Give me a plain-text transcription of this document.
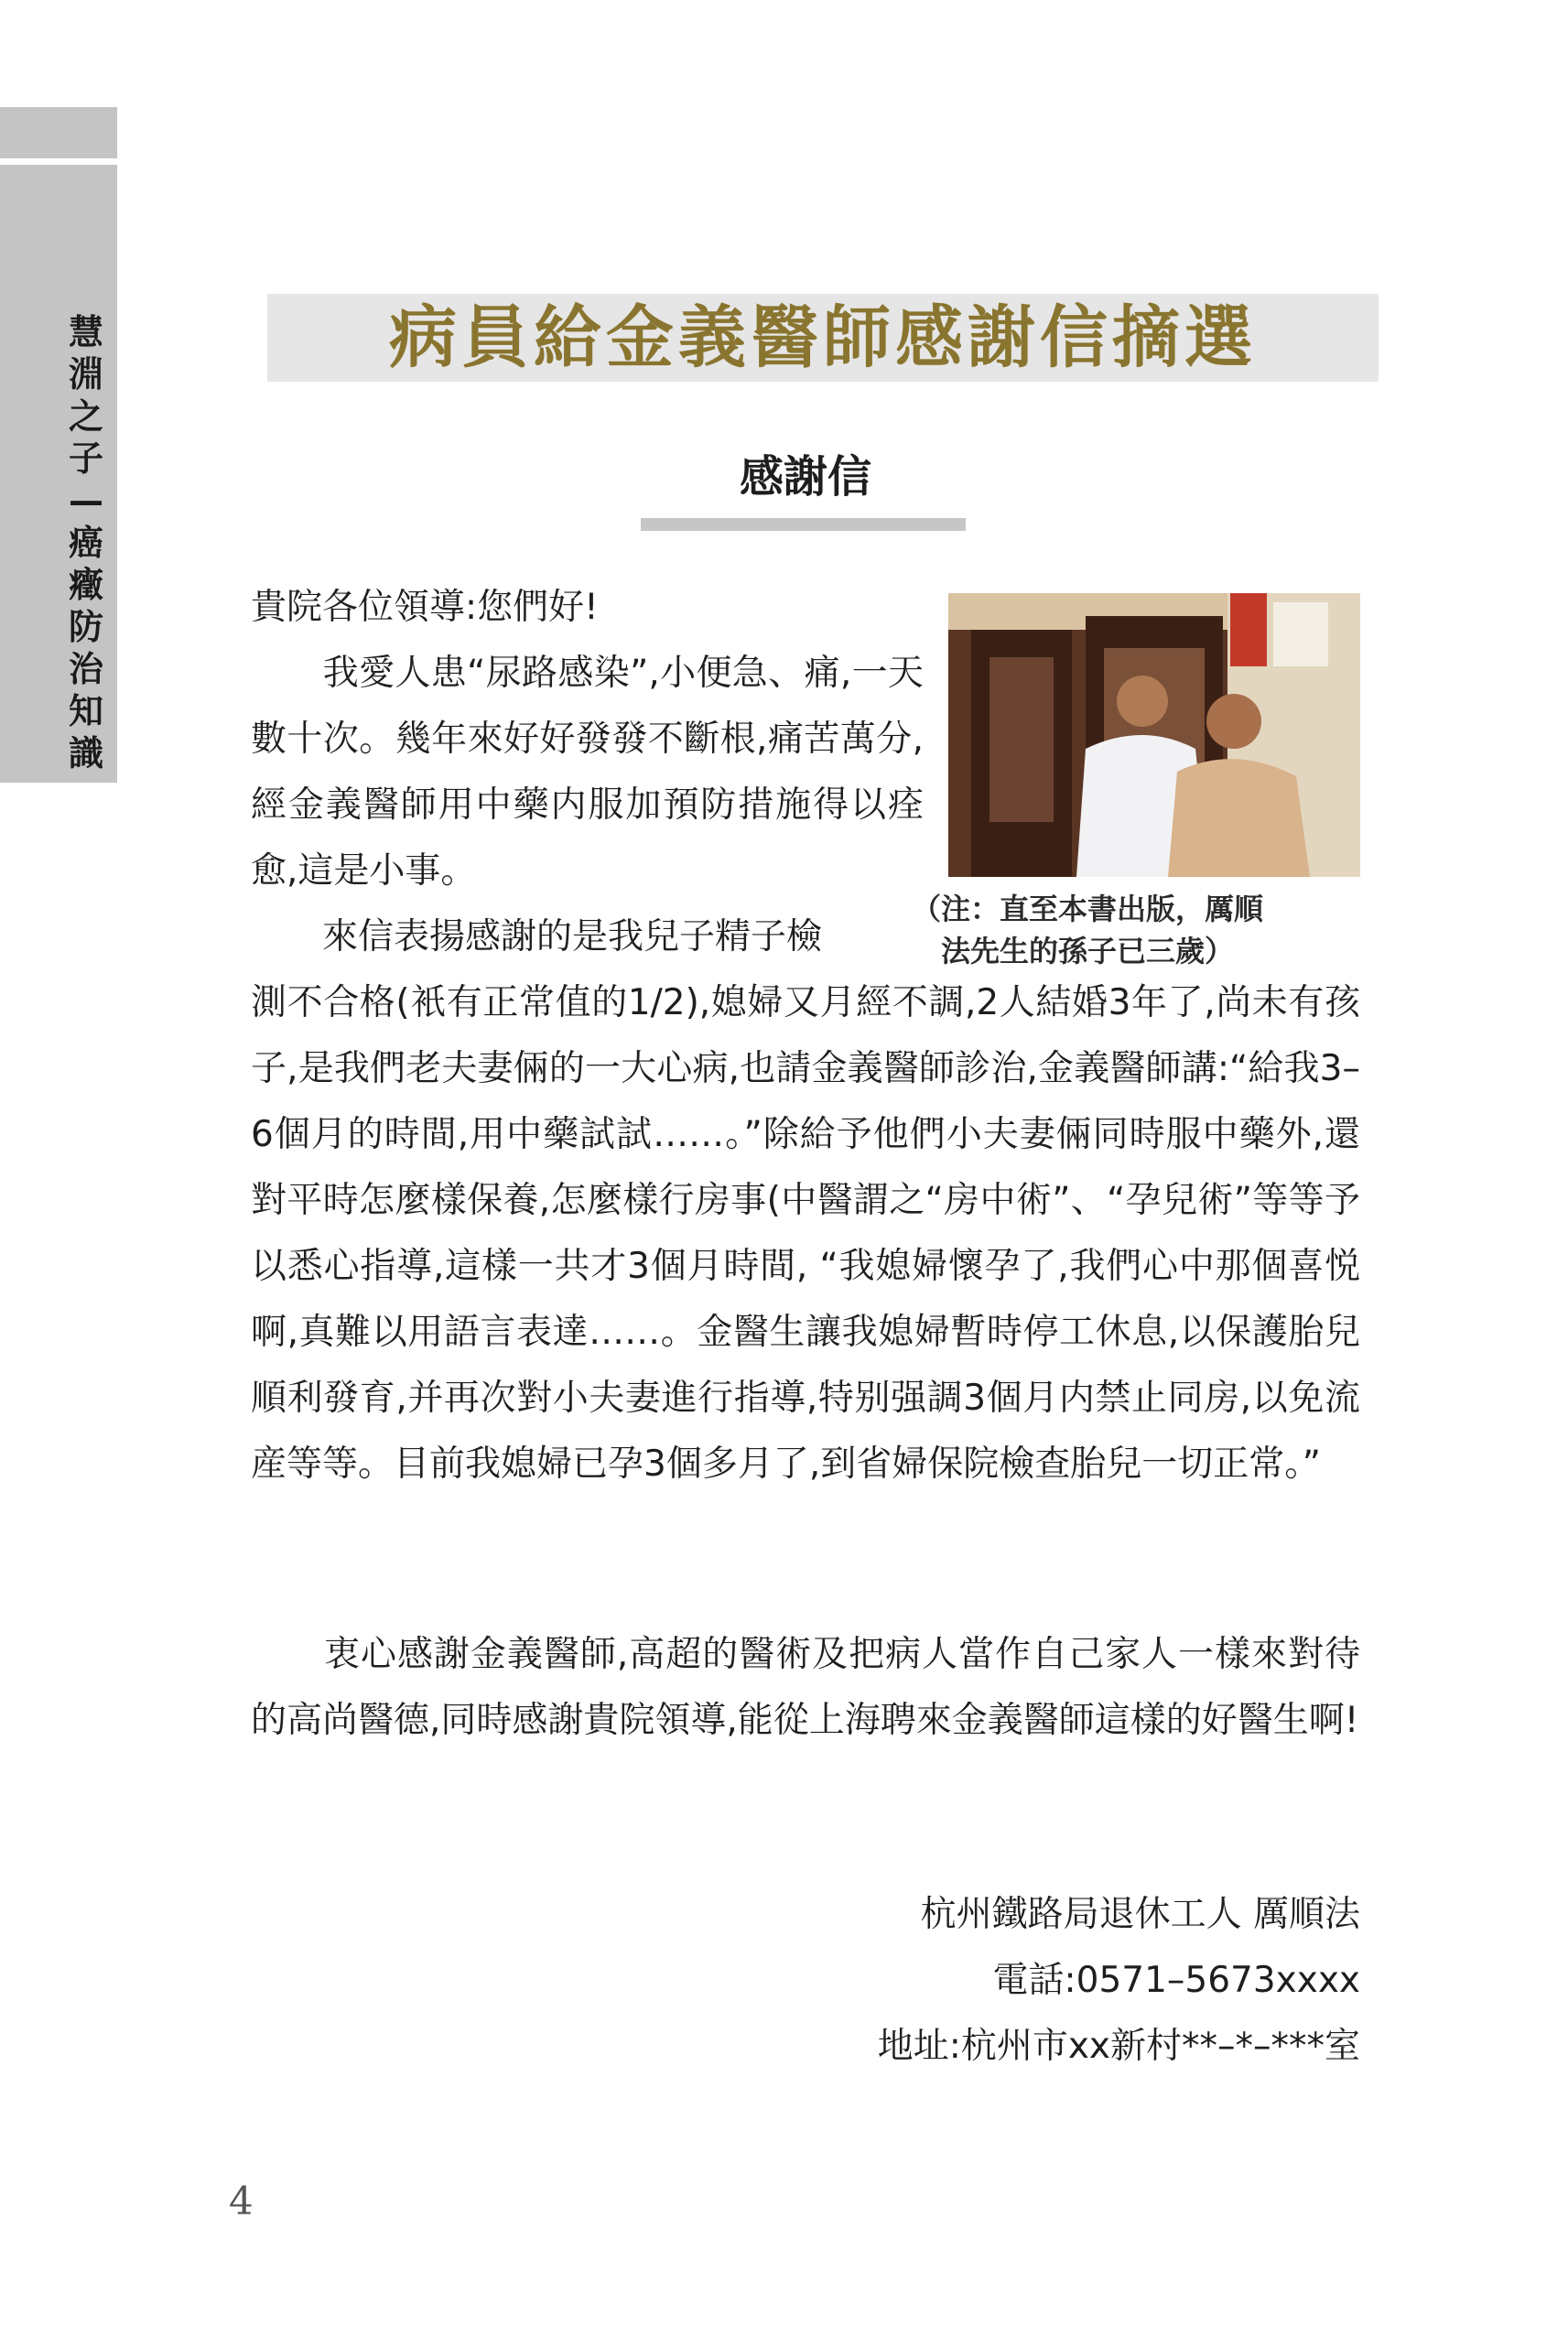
慧淵之子—癌癥防治知識
病員給金義醫師感謝信摘選
感謝信
（注：直至本書出版，厲順
　法先生的孫子已三歲）

貴院各位領導:您們好!

　　我愛人患“尿路感染”,小便急、痛,一天數十次。幾年來好好發發不斷根,痛苦萬分,經金義醫師用中藥内服加預防措施得以痊愈,這是小事。

　　來信表揚感謝的是我兒子精子檢

測不合格(衹有正常值的1/2),媳婦又月經不調,2人結婚3年了,尚未有孩子,是我們老夫妻倆的一大心病,也請金義醫師診治,金義醫師講:“給我3–6個月的時間,用中藥試試……。”除給予他們小夫妻倆同時服中藥外,還對平時怎麼樣保養,怎麼樣行房事(中醫謂之“房中術”、“孕兒術”等等予以悉心指導,這樣一共才3個月時間, “我媳婦懷孕了,我們心中那個喜悦啊,真難以用語言表達……。金醫生讓我媳婦暫時停工休息,以保護胎兒順利發育,并再次對小夫妻進行指導,特别强調3個月内禁止同房,以免流産等等。目前我媳婦已孕3個多月了,到省婦保院檢查胎兒一切正常。”

　　衷心感謝金義醫師,高超的醫術及把病人當作自己家人一樣來對待的高尚醫德,同時感謝貴院領導,能從上海聘來金義醫師這樣的好醫生啊!

杭州鐵路局退休工人 厲順法

電話:0571–5673xxxx

地址:杭州市xx新村**–*–***室

4
